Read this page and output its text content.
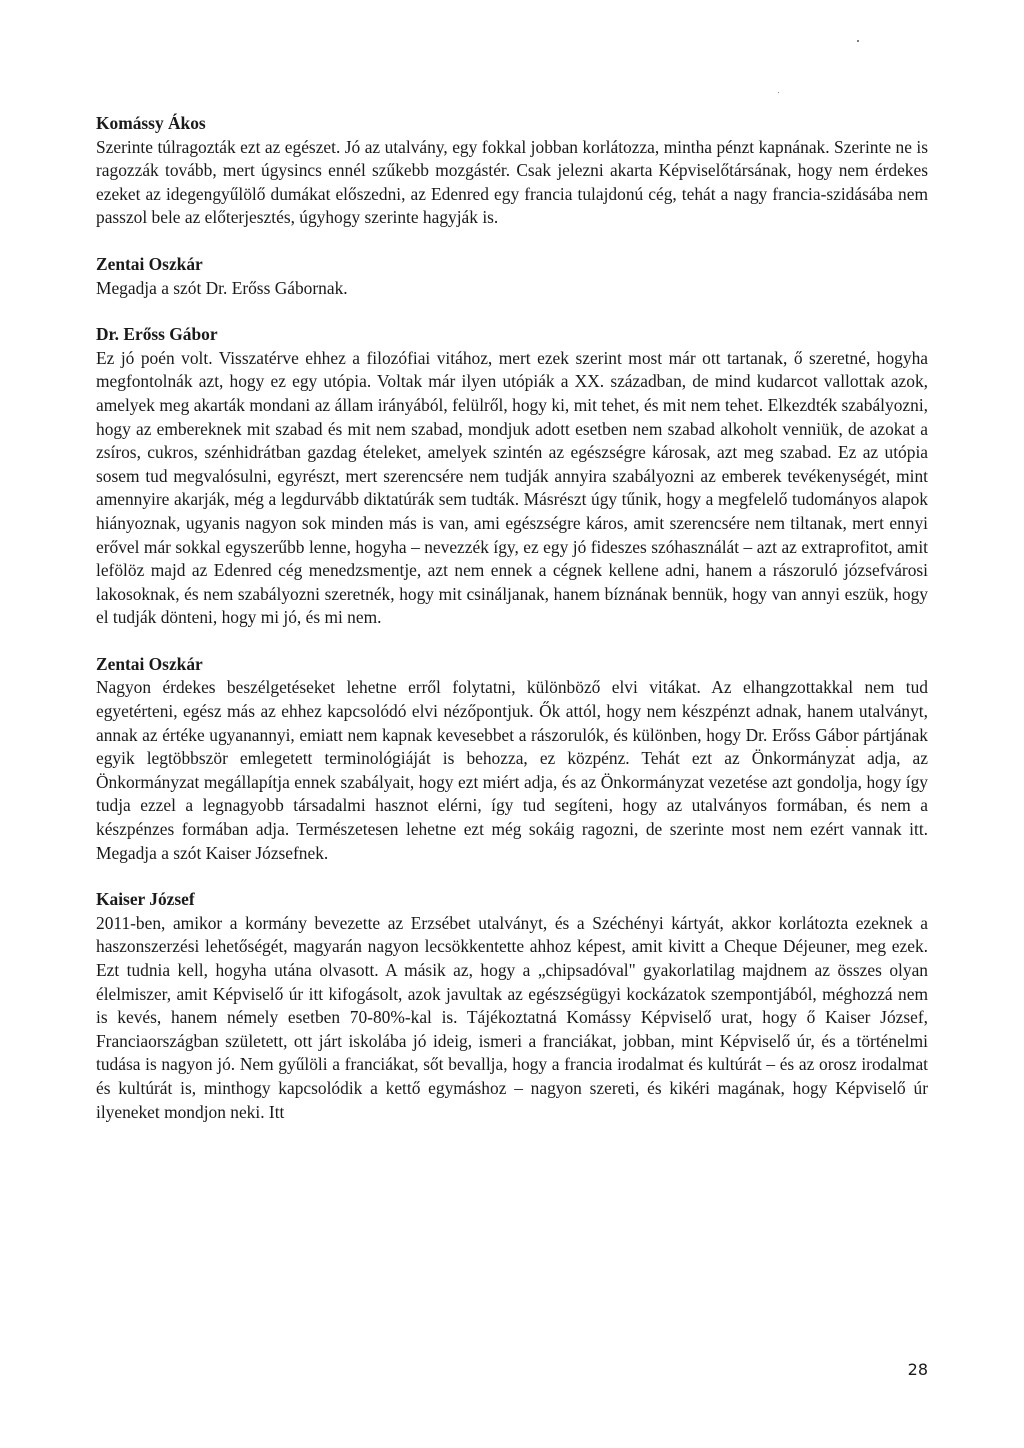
Komássy Ákos

Szerinte túlragozták ezt az egészet. Jó az utalvány, egy fokkal jobban korlátozza, mintha pénzt kapnának. Szerinte ne is ragozzák tovább, mert úgysincs ennél szűkebb mozgástér. Csak jelezni akarta Képviselőtársának, hogy nem érdekes ezeket az idegengyűlölő dumákat előszedni, az Edenred egy francia tulajdonú cég, tehát a nagy francia-szidásába nem passzol bele az előterjesztés, úgyhogy szerinte hagyják is.

Zentai Oszkár

Megadja a szót Dr. Erőss Gábornak.

Dr. Erőss Gábor

Ez jó poén volt. Visszatérve ehhez a filozófiai vitához, mert ezek szerint most már ott tartanak, ő szeretné, hogyha megfontolnák azt, hogy ez egy utópia. Voltak már ilyen utópiák a XX. században, de mind kudarcot vallottak azok, amelyek meg akarták mondani az állam irányából, felülről, hogy ki, mit tehet, és mit nem tehet. Elkezdték szabályozni, hogy az embereknek mit szabad és mit nem szabad, mondjuk adott esetben nem szabad alkoholt venniük, de azokat a zsíros, cukros, szénhidrátban gazdag ételeket, amelyek szintén az egészségre károsak, azt meg szabad. Ez az utópia sosem tud megvalósulni, egyrészt, mert szerencsére nem tudják annyira szabályozni az emberek tevékenységét, mint amennyire akarják, még a legdurvább diktatúrák sem tudták. Másrészt úgy tűnik, hogy a megfelelő tudományos alapok hiányoznak, ugyanis nagyon sok minden más is van, ami egészségre káros, amit szerencsére nem tiltanak, mert ennyi erővel már sokkal egyszerűbb lenne, hogyha – nevezzék így, ez egy jó fideszes szóhasználát – azt az extraprofitot, amit lefölöz majd az Edenred cég menedzsmentje, azt nem ennek a cégnek kellene adni, hanem a rászoruló józsefvárosi lakosoknak, és nem szabályozni szeretnék, hogy mit csináljanak, hanem bíznának bennük, hogy van annyi eszük, hogy el tudják dönteni, hogy mi jó, és mi nem.

Zentai Oszkár

Nagyon érdekes beszélgetéseket lehetne erről folytatni, különböző elvi vitákat. Az elhangzottakkal nem tud egyetérteni, egész más az ehhez kapcsolódó elvi nézőpontjuk. Ők attól, hogy nem készpénzt adnak, hanem utalványt, annak az értéke ugyanannyi, emiatt nem kapnak kevesebbet a rászorulók, és különben, hogy Dr. Erőss Gábor pártjának egyik legtöbbször emlegetett terminológiáját is behozza, ez közpénz. Tehát ezt az Önkormányzat adja, az Önkormányzat megállapítja ennek szabályait, hogy ezt miért adja, és az Önkormányzat vezetése azt gondolja, hogy így tudja ezzel a legnagyobb társadalmi hasznot elérni, így tud segíteni, hogy az utalványos formában, és nem a készpénzes formában adja. Természetesen lehetne ezt még sokáig ragozni, de szerinte most nem ezért vannak itt. Megadja a szót Kaiser Józsefnek.

Kaiser József

2011-ben, amikor a kormány bevezette az Erzsébet utalványt, és a Széchényi kártyát, akkor korlátozta ezeknek a haszonszerzési lehetőségét, magyarán nagyon lecsökkentette ahhoz képest, amit kivitt a Cheque Déjeuner, meg ezek. Ezt tudnia kell, hogyha utána olvasott. A másik az, hogy a „chipsadóval" gyakorlatilag majdnem az összes olyan élelmiszer, amit Képviselő úr itt kifogásolt, azok javultak az egészségügyi kockázatok szempontjából, méghozzá nem is kevés, hanem némely esetben 70-80%-kal is. Tájékoztatná Komássy Képviselő urat, hogy ő Kaiser József, Franciaországban született, ott járt iskolába jó ideig, ismeri a franciákat, jobban, mint Képviselő úr, és a történelmi tudása is nagyon jó. Nem gyűlöli a franciákat, sőt bevallja, hogy a francia irodalmat és kultúrát – és az orosz irodalmat és kultúrát is, minthogy kapcsolódik a kettő egymáshoz – nagyon szereti, és kikéri magának, hogy Képviselő úr ilyeneket mondjon neki. Itt

28
